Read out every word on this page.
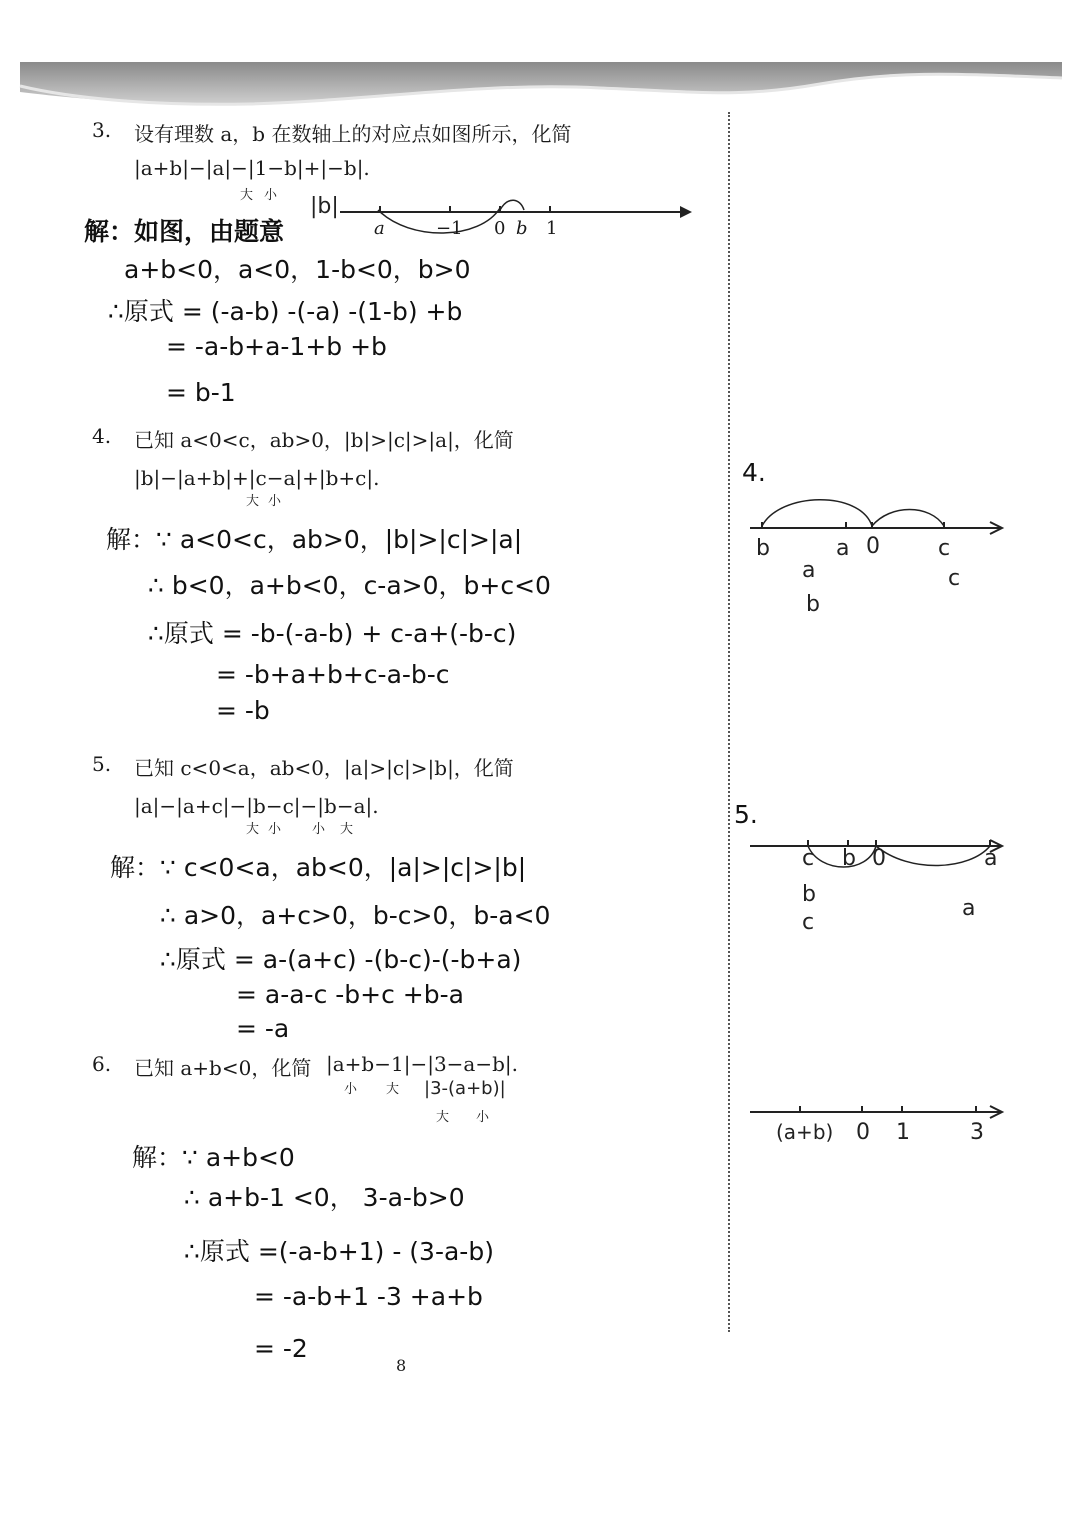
3. 设有理数 a，b 在数轴上的对应点如图所示，化简
|a+b|−|a|−|1−b|+|−b|.
大 小 |b|
a	−1 0 b 1
解：如图，由题意
a+b<0，a<0，1-b<0，b>0
∴原式 = (-a-b) -(-a) -(1-b) +b
= -a-b+a-1+b +b
= b-1
4. 已知 a<0<c，ab>0，|b|>|c|>|a|，化简
|b|−|a+b|+|c−a|+|b+c|.
大 小
解：∵ a<0<c，ab>0，|b|>|c|>|a|
∴ b<0，a+b<0，c-a>0，b+c<0
∴原式 = -b-(-a-b) + c-a+(-b-c)
= -b+a+b+c-a-b-c
= -b
5. 已知 c<0<a，ab<0，|a|>|c|>|b|，化简
|a|−|a+c|−|b−c|−|b−a|.
大 小 小 大
解：∵ c<0<a，ab<0，|a|>|c|>|b|
∴ a>0，a+c>0，b-c>0，b-a<0
∴原式 = a-(a+c) -(b-c)-(-b+a)
= a-a-c -b+c +b-a
= -a
6. 已知 a+b<0，化简 |a+b−1|−|3−a−b|.
小 大 |3-(a+b)|
大 小
解：∵ a+b<0
∴ a+b-1 <0， 3-a-b>0
∴原式 =(-a-b+1) - (3-a-b)
= -a-b+1 -3 +a+b
= -2
8
4.
b	a 0	c
a
b
c
5.
c b 0	a
b
c
a
(a+b) 0 1	3
